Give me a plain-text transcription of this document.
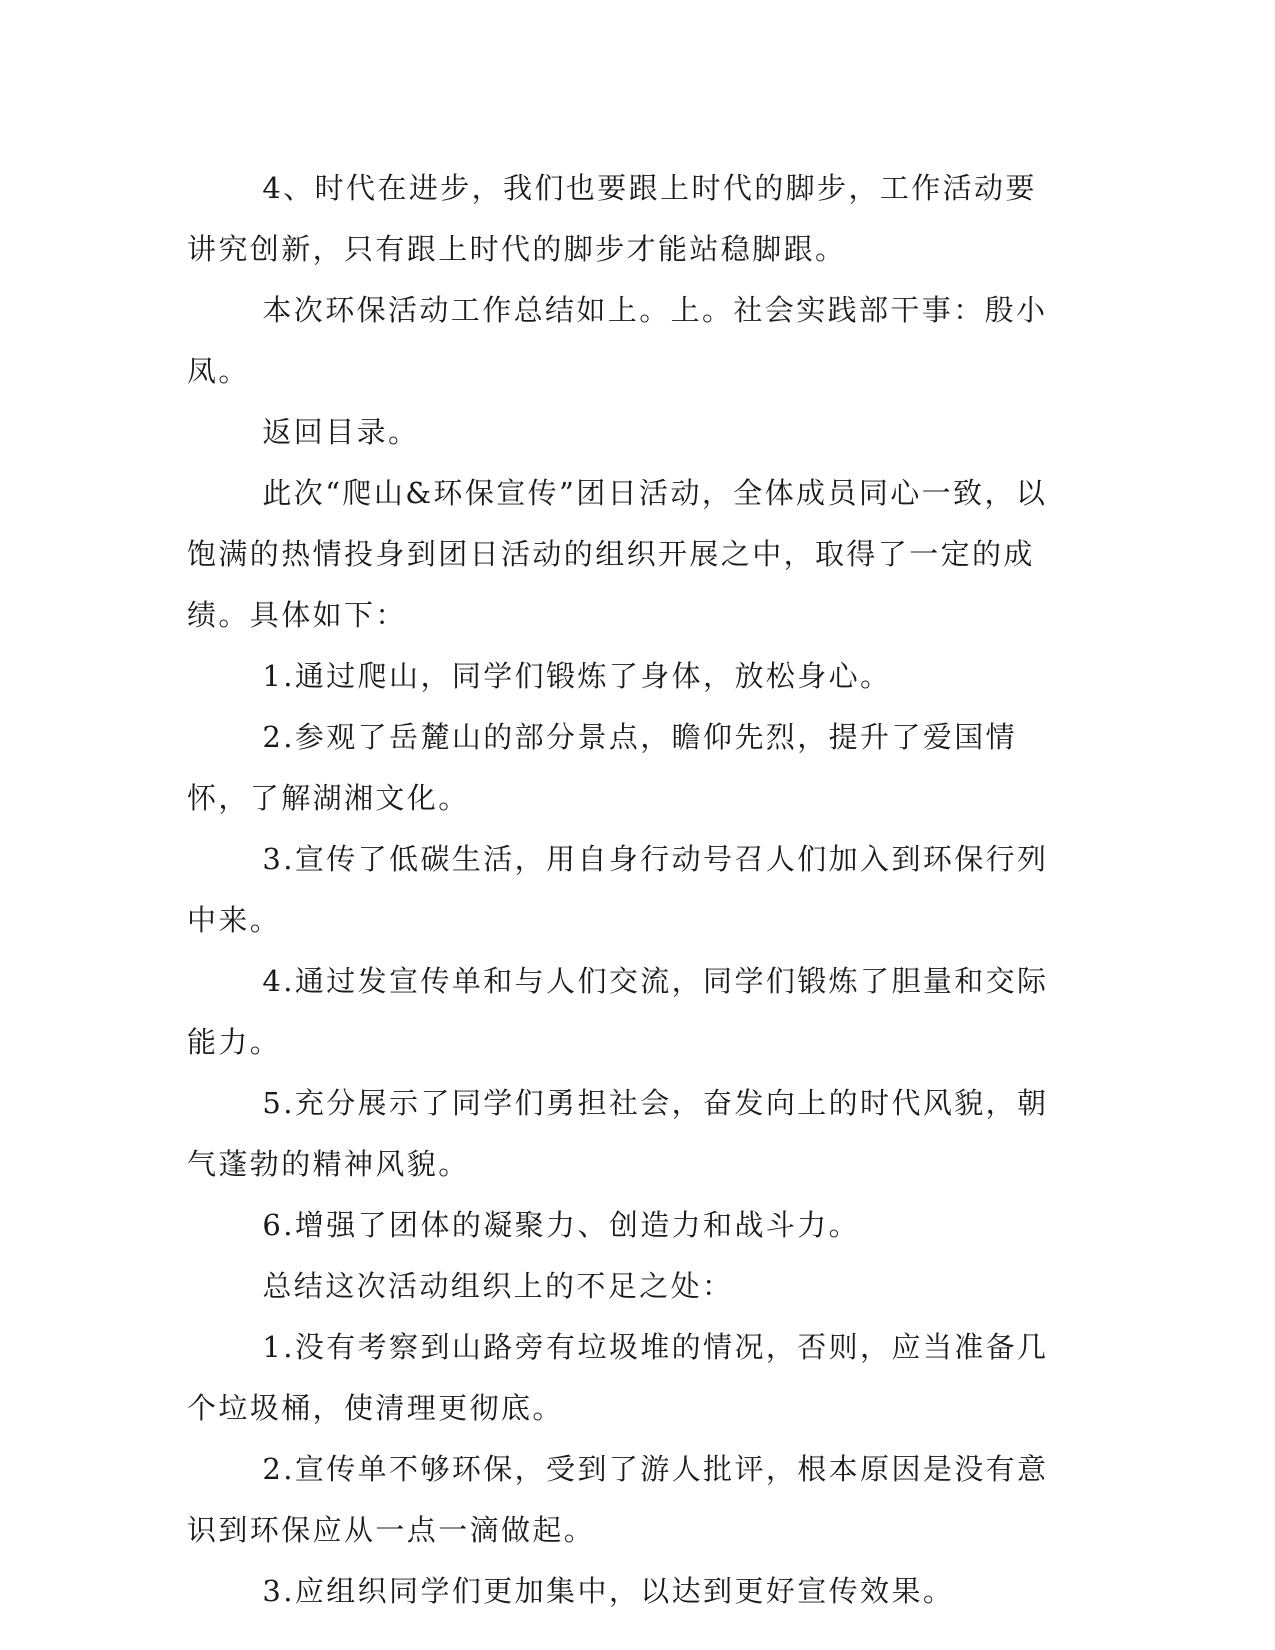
4、时代在进步，我们也要跟上时代的脚步，工作活动要讲究创新，只有跟上时代的脚步才能站稳脚跟。

本次环保活动工作总结如上。上。社会实践部干事：殷小凤。

返回目录。

此次“爬山&环保宣传”团日活动，全体成员同心一致，以饱满的热情投身到团日活动的组织开展之中，取得了一定的成绩。具体如下：

1.通过爬山，同学们锻炼了身体，放松身心。

2.参观了岳麓山的部分景点，瞻仰先烈，提升了爱国情怀，了解湖湘文化。

3.宣传了低碳生活，用自身行动号召人们加入到环保行列中来。

4.通过发宣传单和与人们交流，同学们锻炼了胆量和交际能力。

5.充分展示了同学们勇担社会，奋发向上的时代风貌，朝气蓬勃的精神风貌。

6.增强了团体的凝聚力、创造力和战斗力。

总结这次活动组织上的不足之处：

1.没有考察到山路旁有垃圾堆的情况，否则，应当准备几个垃圾桶，使清理更彻底。

2.宣传单不够环保，受到了游人批评，根本原因是没有意识到环保应从一点一滴做起。

3.应组织同学们更加集中，以达到更好宣传效果。
